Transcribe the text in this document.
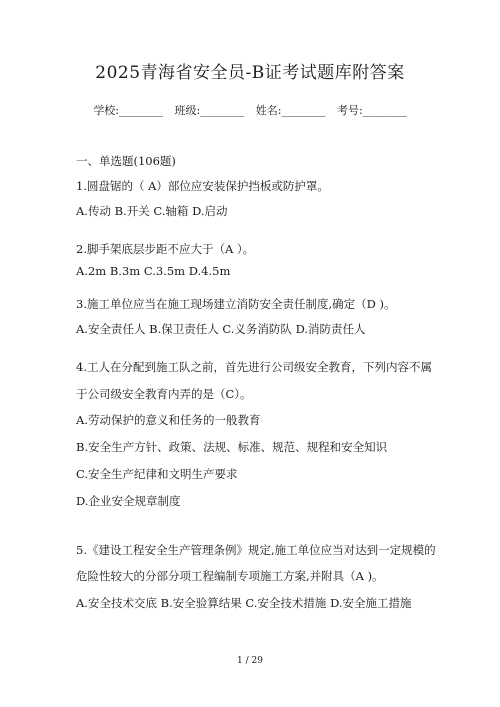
2025青海省安全员-B证考试题库附答案
学校:________ 班级:________ 姓名:________ 考号:________
一、单选题(106题)
1.圆盘锯的（ A）部位应安装保护挡板或防护罩。
A.传动 B.开关 C.轴箱 D.启动
2.脚手架底层步距不应大于（A ）。
A.2m B.3m C.3.5m D.4.5m
3.施工单位应当在施工现场建立消防安全责任制度,确定（D )。
A.安全责任人 B.保卫责任人 C.义务消防队 D.消防责任人
4.工人在分配到施工队之前，首先进行公司级安全教育，下列内容不属
于公司级安全教育内弄的是（C）。
A.劳动保护的意义和任务的一般教育
B.安全生产方针、政策、法规、标准、规范、规程和安全知识
C.安全生产纪律和文明生产要求
D.企业安全规章制度
5.《建设工程安全生产管理条例》规定,施工单位应当对达到一定规模的
危险性较大的分部分项工程编制专项施工方案,并附具（A )。
A.安全技术交底 B.安全验算结果 C.安全技术措施 D.安全施工措施
1 / 29
